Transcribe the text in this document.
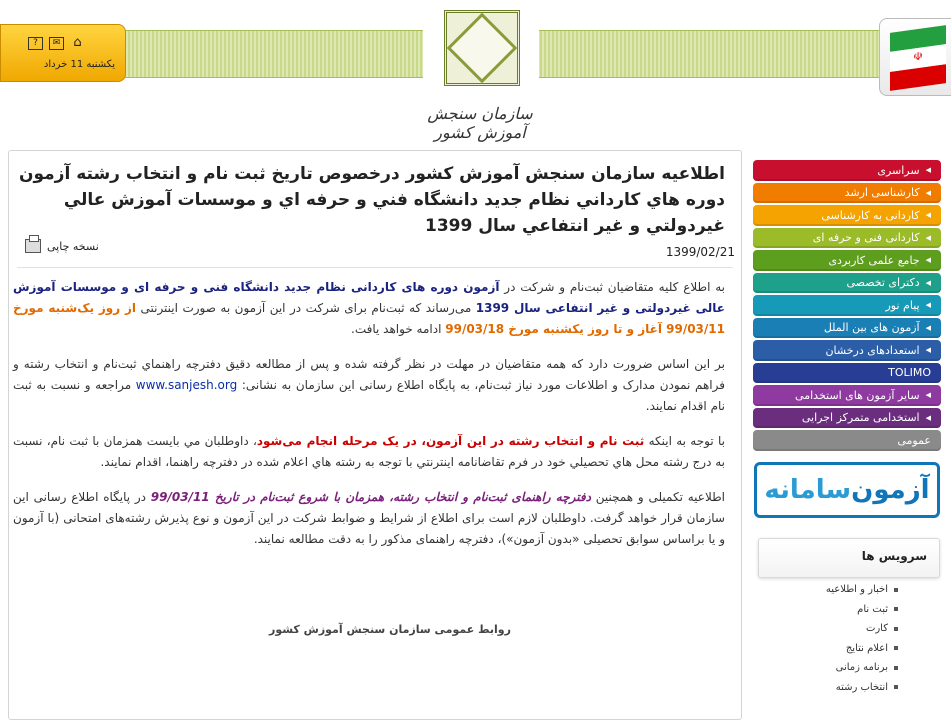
?	✉ ⌂
يکشنبه 11 خرداد
سازمان سنجش آموزش کشور
☫
اطلاعيه سازمان سنجش آموزش کشور درخصوص تاريخ ثبت نام و انتخاب رشته آزمون دوره هاي کارداني نظام جديد دانشگاه فني و حرفه اي و موسسات آموزش عالي غيردولتي و غير انتفاعي سال 1399
نسخه چاپی	1399/02/21

به اطلاع کلیه متقاضیان ثبت‌نام و شرکت در آزمون دوره های کاردانی نظام جدید دانشگاه فنی و حرفه ای و موسسات آموزش عالی غیردولتی و غیر انتفاعی سال 1399 می‌رساند که ثبت‌نام برای شرکت در این آزمون به صورت اینترنتی از روز یک‌شنبه مورخ 99/03/11 آغاز و تا روز یکشنبه مورخ 99/03/18 ادامه خواهد یافت.

بر این اساس ضرورت دارد که همه متقاضیان در مهلت در نظر گرفته شده و پس از مطالعه دقيق دفترچه راهنماي ثبت‌نام و انتخاب رشته و فراهم نمودن مدارک و اطلاعات مورد نیاز ثبت‌نام، به پايگاه اطلاع رسانی این سازمان به نشانی: www.sanjesh.org مراجعه و نسبت به ثبت نام اقدام نمایند.

با توجه به اینکه ثبت نام و انتخاب رشته در این آزمون، در یک مرحله انجام می‌شود، داوطلبان مي بايست همزمان با ثبت نام، نسبت به درج رشته محل هاي تحصيلي خود در فرم تقاضانامه اينترنتي با توجه به رشته هاي اعلام شده در دفترچه راهنما، اقدام نمايند.

اطلاعیه تکمیلی و همچنین دفترچه راهنمای ثبت‌نام و انتخاب رشته، همزمان با شروع ثبت‌نام در تاریخ 99/03/11 در پايگاه اطلاع رسانی این سازمان قرار خواهد گرفت. داوطلبان لازم است برای اطلاع از شرایط و ضوابط شرکت در این آزمون و نوع پذیرش رشته‌های امتحانی (با آزمون و یا براساس سوابق تحصیلی «بدون آزمون»)، دفترچه راهنمای مذکور را به دقت مطالعه نمایند.

روابط عمومی سازمان سنجش آموزش کشور
◀
سراسری
◀
کارشناسی ارشد
◀
کاردانی به کارشناسی
◀
کاردانی فنی و حرفه ای
◀
جامع علمی کاربردی
◀
دکترای تخصصی
◀
پیام نور
◀
آزمون های بین الملل
◀
استعدادهای درخشان
TOLIMO
◀
سایر آزمون های استخدامی
◀
استخدامی متمرکز اجرایی
عمومی
آزمون
سامانه
سرویس ها
اخبار و اطلاعیه
ثبت نام
کارت
اعلام نتایج
برنامه زمانی
انتخاب رشته
